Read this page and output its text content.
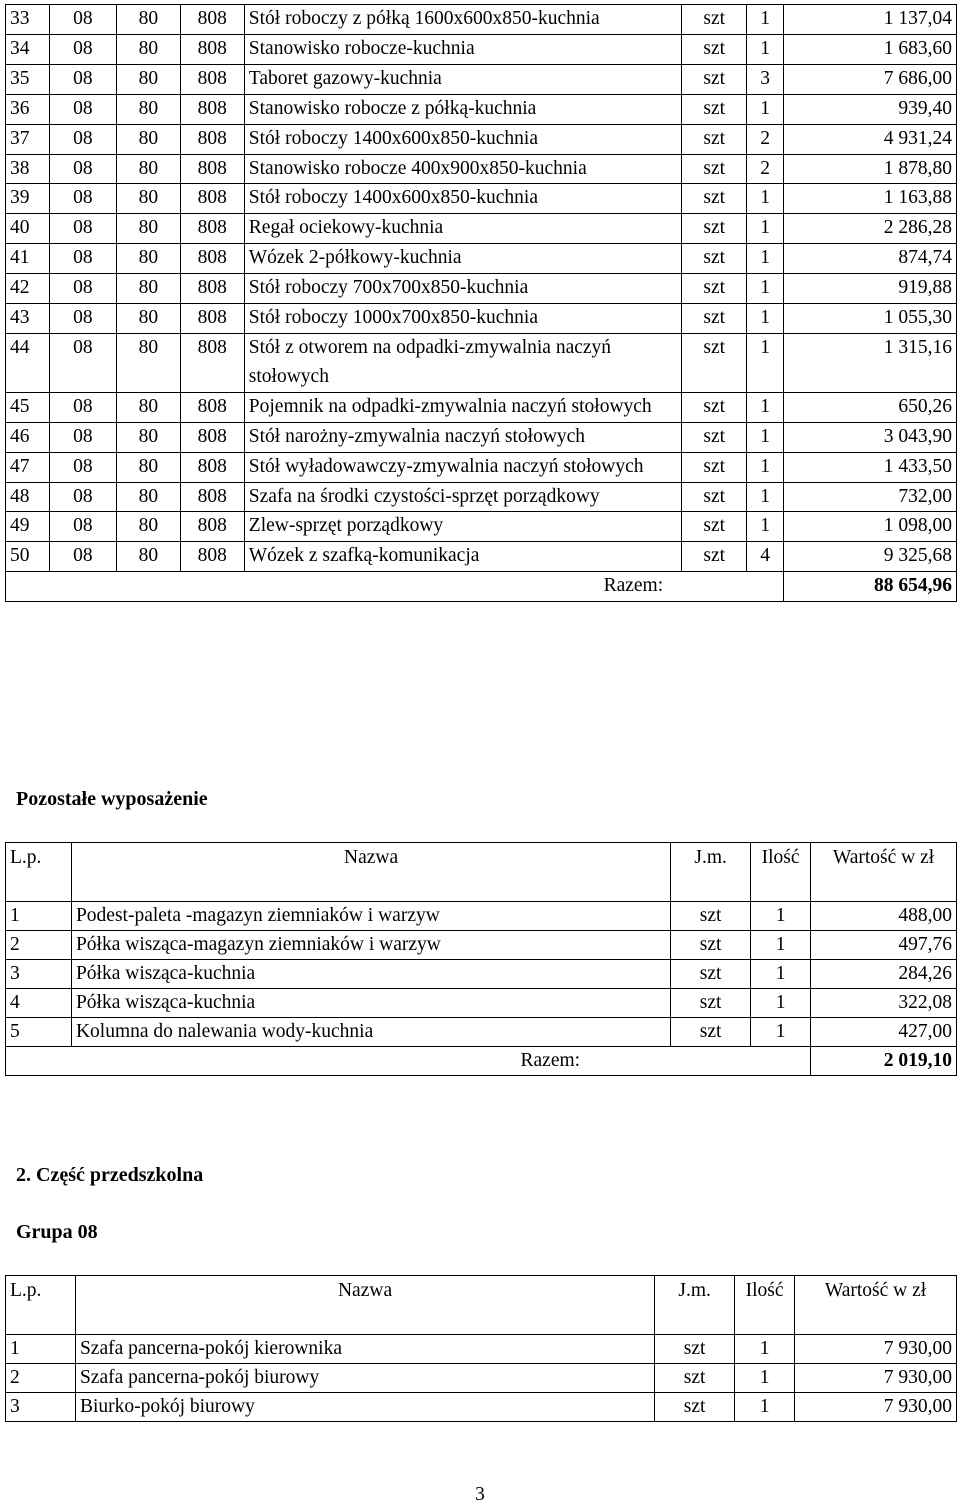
33	08	80	808	Stół roboczy z półką 1600x600x850-kuchnia	szt	1	1 137,04
34	08	80	808	Stanowisko robocze-kuchnia	szt	1	1 683,60
35	08	80	808	Taboret gazowy-kuchnia	szt	3	7 686,00
36	08	80	808	Stanowisko robocze z półką-kuchnia	szt	1	939,40
37	08	80	808	Stół roboczy 1400x600x850-kuchnia	szt	2	4 931,24
38	08	80	808	Stanowisko robocze 400x900x850-kuchnia	szt	2	1 878,80
39	08	80	808	Stół roboczy 1400x600x850-kuchnia	szt	1	1 163,88
40	08	80	808	Regał ociekowy-kuchnia	szt	1	2 286,28
41	08	80	808	Wózek 2-półkowy-kuchnia	szt	1	874,74
42	08	80	808	Stół roboczy 700x700x850-kuchnia	szt	1	919,88
43	08	80	808	Stół roboczy 1000x700x850-kuchnia	szt	1	1 055,30
44	08	80	808	Stół z otworem na odpadki-zmywalnia naczyń stołowych	szt	1	1 315,16
45	08	80	808	Pojemnik na odpadki-zmywalnia naczyń stołowych	szt	1	650,26
46	08	80	808	Stół narożny-zmywalnia naczyń stołowych	szt	1	3 043,90
47	08	80	808	Stół wyładowawczy-zmywalnia naczyń stołowych	szt	1	1 433,50
48	08	80	808	Szafa na środki czystości-sprzęt porządkowy	szt	1	732,00
49	08	80	808	Zlew-sprzęt porządkowy	szt	1	1 098,00
50	08	80	808	Wózek z szafką-komunikacja	szt	4	9 325,68
Razem:							88 654,96
Pozostałe wyposażenie
L.p.	Nazwa	J.m.	Ilość	Wartość w zł
1	Podest-paleta -magazyn ziemniaków i warzyw	szt	1	488,00
2	Półka wisząca-magazyn ziemniaków i warzyw	szt	1	497,76
3	Półka wisząca-kuchnia	szt	1	284,26
4	Półka wisząca-kuchnia	szt	1	322,08
5	Kolumna do nalewania wody-kuchnia	szt	1	427,00
Razem:				2 019,10
2. Część przedszkolna
Grupa 08
L.p.	Nazwa	J.m.	Ilość	Wartość w zł
1	Szafa pancerna-pokój kierownika	szt	1	7 930,00
2	Szafa pancerna-pokój biurowy	szt	1	7 930,00
3	Biurko-pokój biurowy	szt	1	7 930,00
3
